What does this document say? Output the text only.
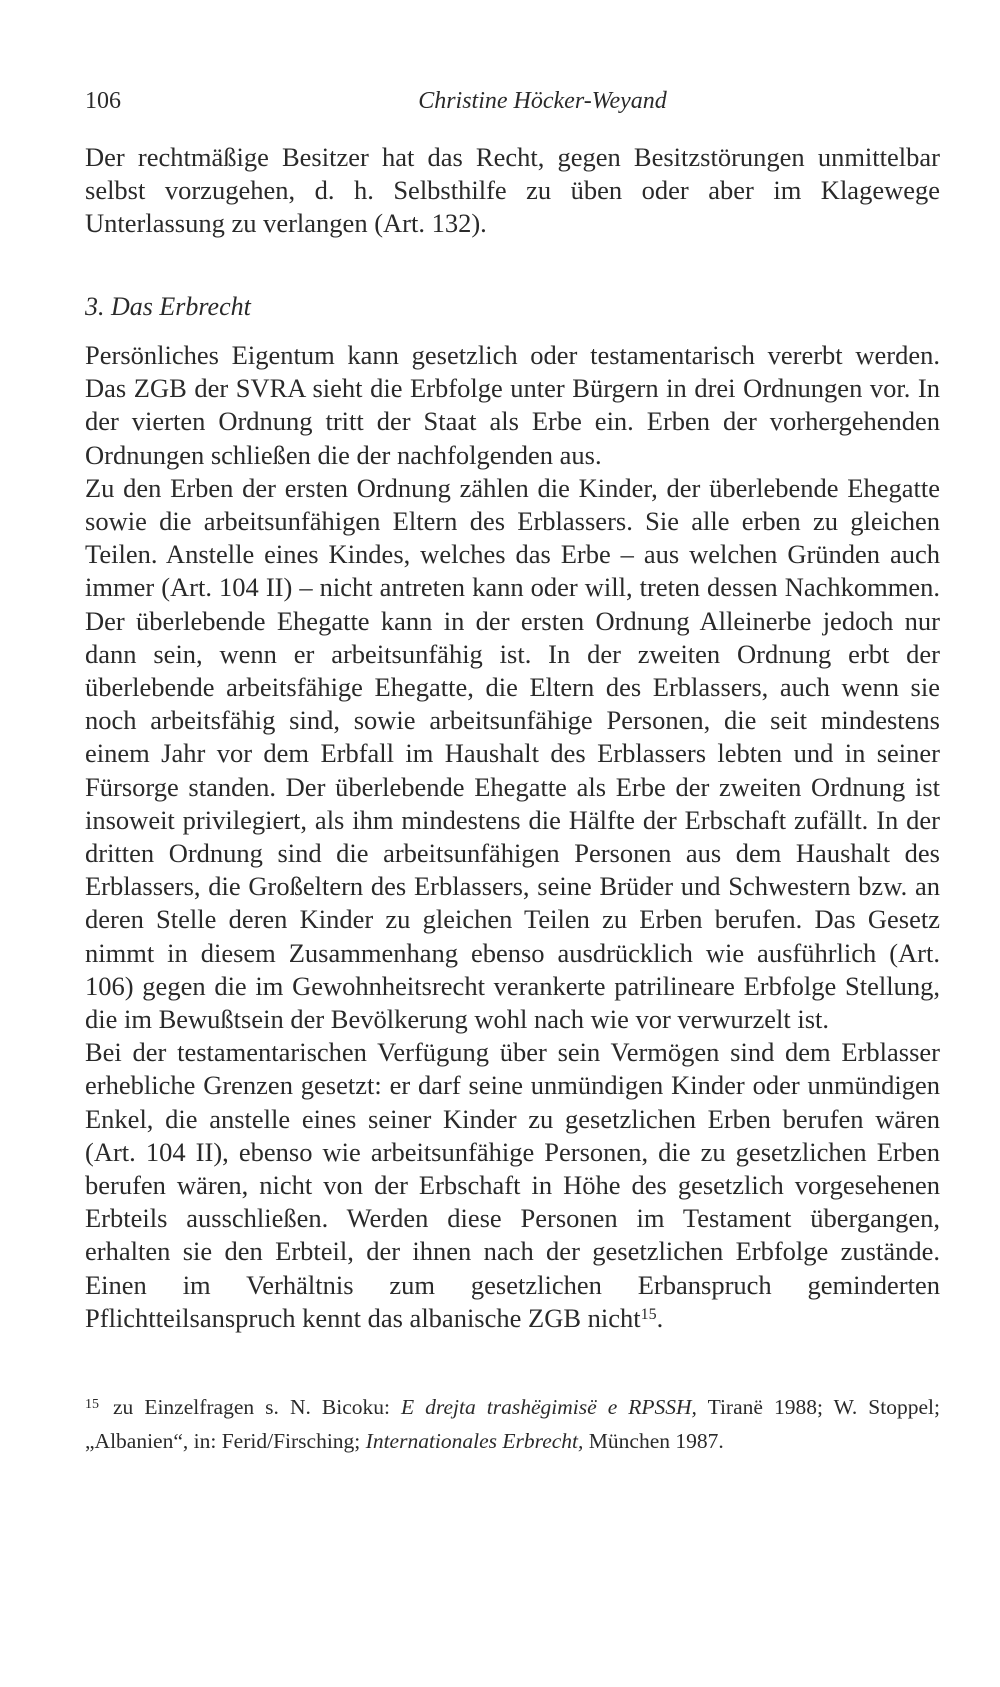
106	Christine Höcker-Weyand

Der rechtmäßige Besitzer hat das Recht, gegen Besitzstörungen unmittelbar selbst vorzugehen, d. h. Selbsthilfe zu üben oder aber im Klagewege Unterlassung zu verlangen (Art. 132).

3. Das Erbrecht

Persönliches Eigentum kann gesetzlich oder testamentarisch vererbt werden. Das ZGB der SVRA sieht die Erbfolge unter Bürgern in drei Ordnungen vor. In der vierten Ordnung tritt der Staat als Erbe ein. Erben der vorhergehenden Ordnungen schließen die der nachfolgenden aus.

Zu den Erben der ersten Ordnung zählen die Kinder, der überlebende Ehegatte sowie die arbeitsunfähigen Eltern des Erblassers. Sie alle erben zu gleichen Teilen. Anstelle eines Kindes, welches das Erbe – aus welchen Gründen auch immer (Art. 104 II) – nicht antreten kann oder will, treten dessen Nachkommen. Der überlebende Ehegatte kann in der ersten Ordnung Alleinerbe jedoch nur dann sein, wenn er arbeitsunfähig ist. In der zweiten Ordnung erbt der überlebende arbeitsfähige Ehegatte, die Eltern des Erblassers, auch wenn sie noch arbeitsfähig sind, sowie arbeitsunfähige Personen, die seit mindestens einem Jahr vor dem Erbfall im Haushalt des Erblassers lebten und in seiner Fürsorge standen. Der überlebende Ehegatte als Erbe der zweiten Ordnung ist insoweit privilegiert, als ihm mindestens die Hälfte der Erbschaft zufällt. In der dritten Ordnung sind die arbeitsunfähigen Personen aus dem Haushalt des Erblassers, die Großeltern des Erblassers, seine Brüder und Schwestern bzw. an deren Stelle deren Kinder zu gleichen Teilen zu Erben berufen. Das Gesetz nimmt in diesem Zusammenhang ebenso ausdrücklich wie ausführlich (Art. 106) gegen die im Gewohnheitsrecht verankerte patrilineare Erbfolge Stellung, die im Bewußtsein der Bevölkerung wohl nach wie vor verwurzelt ist.

Bei der testamentarischen Verfügung über sein Vermögen sind dem Erblasser erhebliche Grenzen gesetzt: er darf seine unmündigen Kinder oder unmündigen Enkel, die anstelle eines seiner Kinder zu gesetzlichen Erben berufen wären (Art. 104 II), ebenso wie arbeitsunfähige Personen, die zu gesetzlichen Erben berufen wären, nicht von der Erbschaft in Höhe des gesetzlich vorgesehenen Erbteils ausschließen. Werden diese Personen im Testament übergangen, erhalten sie den Erbteil, der ihnen nach der gesetzlichen Erbfolge zustände. Einen im Verhältnis zum gesetzlichen Erbanspruch geminderten Pflichtteilsanspruch kennt das albanische ZGB nicht$^{15}$.

$^{15}$ zu Einzelfragen s. N. Bicoku: E drejta trashëgimisë e RPSSH, Tiranë 1988; W. Stoppel; „Albanien“, in: Ferid/Firsching; Internationales Erbrecht, München 1987.
